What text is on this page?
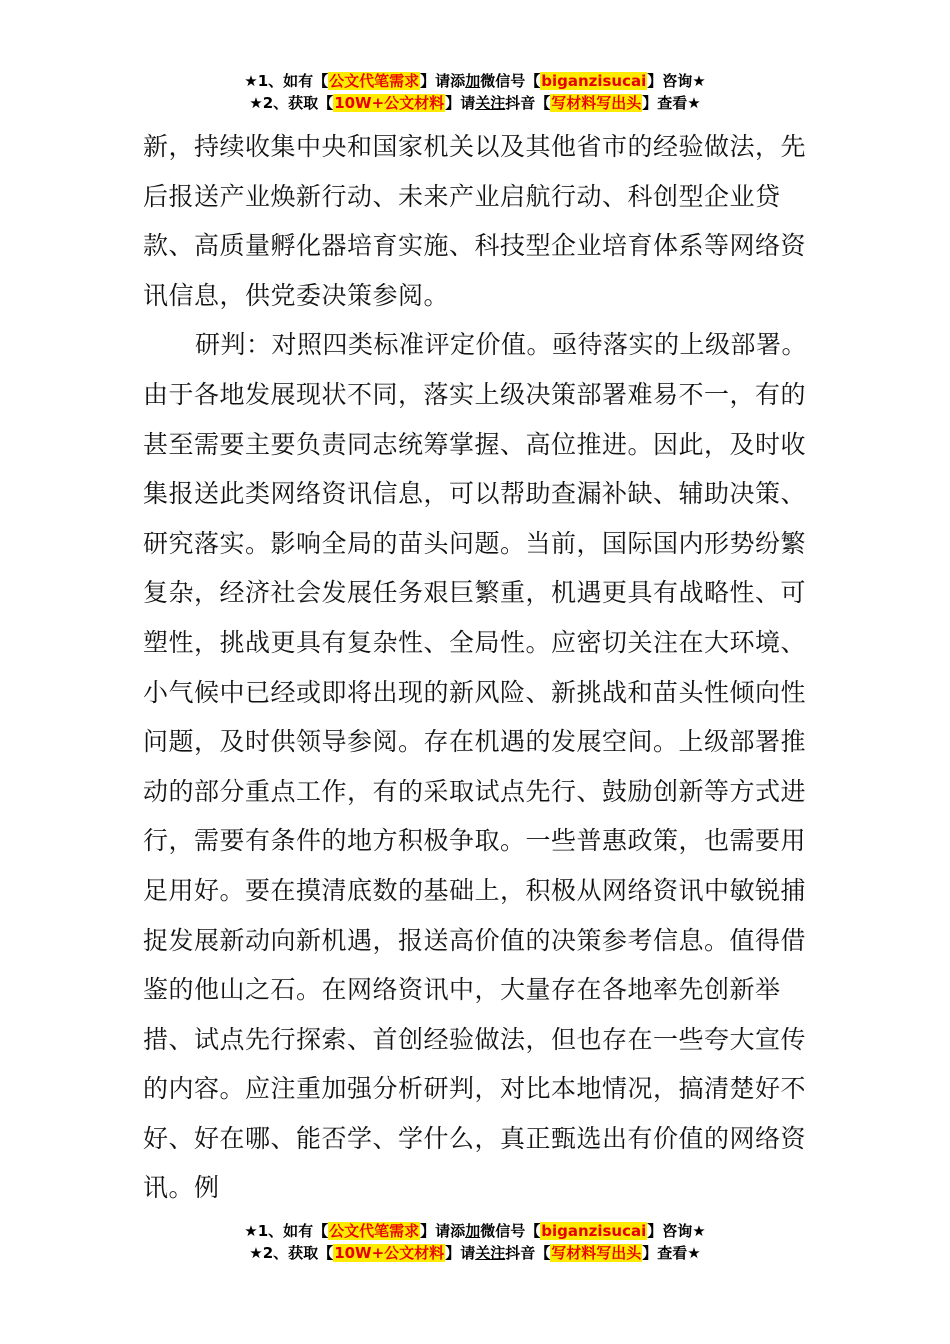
★1、如有【公文代笔需求】请添加微信号【biganzisucai】咨询★
★2、获取【10W+公文材料】请关注抖音【写材料写出头】查看★

新，持续收集中央和国家机关以及其他省市的经验做法，先后报送产业焕新行动、未来产业启航行动、科创型企业贷款、高质量孵化器培育实施、科技型企业培育体系等网络资讯信息，供党委决策参阅。

研判：对照四类标准评定价值。亟待落实的上级部署。由于各地发展现状不同，落实上级决策部署难易不一，有的甚至需要主要负责同志统筹掌握、高位推进。因此，及时收集报送此类网络资讯信息，可以帮助查漏补缺、辅助决策、研究落实。影响全局的苗头问题。当前，国际国内形势纷繁复杂，经济社会发展任务艰巨繁重，机遇更具有战略性、可塑性，挑战更具有复杂性、全局性。应密切关注在大环境、小气候中已经或即将出现的新风险、新挑战和苗头性倾向性问题，及时供领导参阅。存在机遇的发展空间。上级部署推动的部分重点工作，有的采取试点先行、鼓励创新等方式进行，需要有条件的地方积极争取。一些普惠政策，也需要用足用好。要在摸清底数的基础上，积极从网络资讯中敏锐捕捉发展新动向新机遇，报送高价值的决策参考信息。值得借鉴的他山之石。在网络资讯中，大量存在各地率先创新举措、试点先行探索、首创经验做法，但也存在一些夸大宣传的内容。应注重加强分析研判，对比本地情况，搞清楚好不好、好在哪、能否学、学什么，真正甄选出有价值的网络资讯。例

★1、如有【公文代笔需求】请添加微信号【biganzisucai】咨询★
★2、获取【10W+公文材料】请关注抖音【写材料写出头】查看★
